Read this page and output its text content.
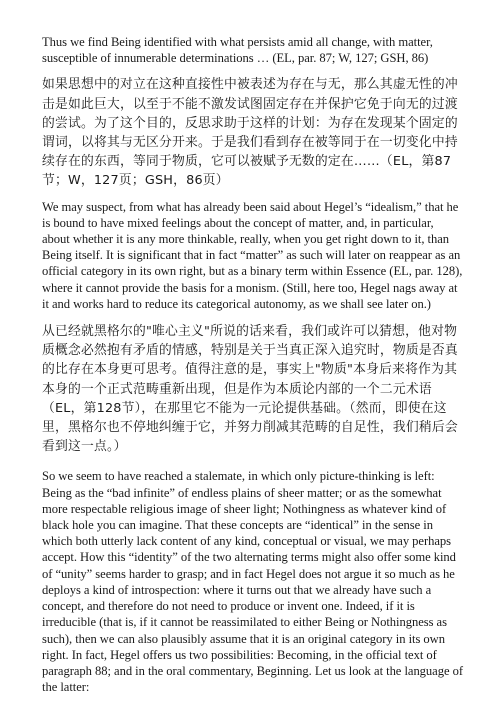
Thus we find Being identified with what persists amid all change, with matter, susceptible of innumerable determinations … (EL, par. 87; W, 127; GSH, 86)

如果思想中的对立在这种直接性中被表述为存在与无，那么其虚无性的冲击是如此巨大，以至于不能不激发试图固定存在并保护它免于向无的过渡的尝试。为了这个目的，反思求助于这样的计划：为存在发现某个固定的谓词，以将其与无区分开来。于是我们看到存在被等同于在一切变化中持续存在的东西，等同于物质，它可以被赋予无数的定在……（EL，第87节；W，127页；GSH，86页）

We may suspect, from what has already been said about Hegel’s “idealism,” that he is bound to have mixed feelings about the concept of matter, and, in particular, about whether it is any more thinkable, really, when you get right down to it, than Being itself. It is significant that in fact “matter” as such will later on reappear as an official category in its own right, but as a binary term within Essence (EL, par. 128), where it cannot provide the basis for a monism. (Still, here too, Hegel nags away at it and works hard to reduce its categorical autonomy, as we shall see later on.)

从已经就黑格尔的"唯心主义"所说的话来看，我们或许可以猜想，他对物质概念必然抱有矛盾的情感，特别是关于当真正深入追究时，物质是否真的比存在本身更可思考。值得注意的是，事实上"物质"本身后来将作为其本身的一个正式范畴重新出现，但是作为本质论内部的一个二元术语（EL，第128节），在那里它不能为一元论提供基础。（然而，即使在这里，黑格尔也不停地纠缠于它，并努力削减其范畴的自足性，我们稍后会看到这一点。）

So we seem to have reached a stalemate, in which only picture-thinking is left: Being as the “bad infinite” of endless plains of sheer matter; or as the somewhat more respectable religious image of sheer light; Nothingness as whatever kind of black hole you can imagine. That these concepts are “identical” in the sense in which both utterly lack content of any kind, conceptual or visual, we may perhaps accept. How this “identity” of the two alternating terms might also offer some kind of “unity” seems harder to grasp; and in fact Hegel does not argue it so much as he deploys a kind of introspection: where it turns out that we already have such a concept, and therefore do not need to produce or invent one. Indeed, if it is irreducible (that is, if it cannot be reassimilated to either Being or Nothingness as such), then we can also plausibly assume that it is an original category in its own right. In fact, Hegel offers us two possibilities: Becoming, in the official text of paragraph 88; and in the oral commentary, Beginning. Let us look at the language of the latter:
